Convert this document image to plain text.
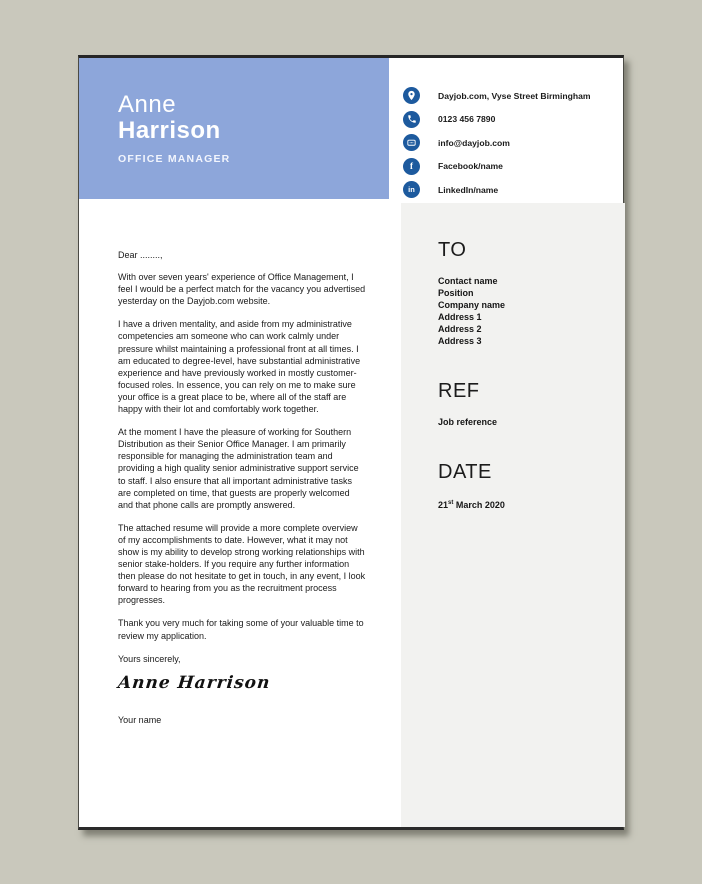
Anne
Harrison
OFFICE MANAGER
Dayjob.com, Vyse Street Birmingham
0123 456 7890
info@dayjob.com
f	Facebook/name
in	LinkedIn/name

Dear ........,

With over seven years' experience of Office Management, I feel I would be a perfect match for the vacancy you advertised yesterday on the Dayjob.com website.

I have a driven mentality, and aside from my administrative competencies am someone who can work calmly under pressure whilst maintaining a professional front at all times. I am educated to degree-level, have substantial administrative experience and have previously worked in mostly customer-focused roles. In essence, you can rely on me to make sure your office is a great place to be, where all of the staff are happy with their lot and comfortably work together.

At the moment I have the pleasure of working for Southern Distribution as their Senior Office Manager. I am primarily responsible for managing the administration team and providing a high quality senior administrative support service to staff. I also ensure that all important administrative tasks are completed on time, that guests are properly welcomed and that phone calls are promptly answered.

The attached resume will provide a more complete overview of my accomplishments to date. However, what it may not show is my ability to develop strong working relationships with senior stake-holders. If you require any further information then please do not hesitate to get in touch, in any event, I look forward to hearing from you as the recruitment process progresses.

Thank you very much for taking some of your valuable time to review my application.

Yours sincerely,

Anne Harrison
Your name
TO
Contact name
Position
Company name
Address 1
Address 2
Address 3
REF
Job reference
DATE
21st March 2020
